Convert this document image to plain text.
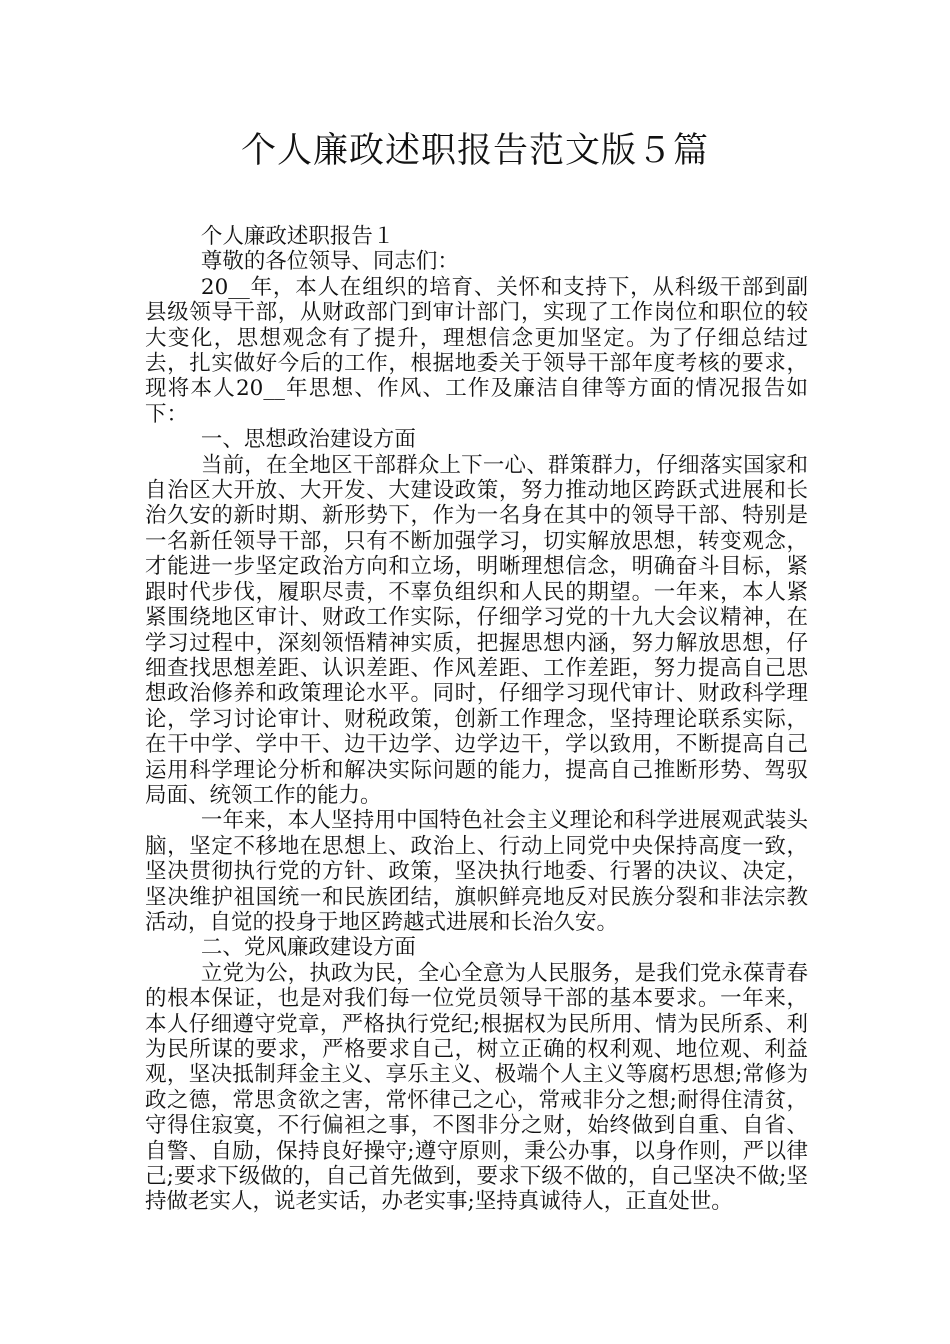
个人廉政述职报告范文版５篇

个人廉政述职报告１

尊敬的各位领导、同志们：

20__年，本人在组织的培育、关怀和支持下，从科级干部到副县级领导干部，从财政部门到审计部门，实现了工作岗位和职位的较大变化，思想观念有了提升，理想信念更加坚定。为了仔细总结过去，扎实做好今后的工作，根据地委关于领导干部年度考核的要求，现将本人20__年思想、作风、工作及廉洁自律等方面的情况报告如下：

一、思想政治建设方面

当前，在全地区干部群众上下一心、群策群力，仔细落实国家和自治区大开放、大开发、大建设政策，努力推动地区跨跃式进展和长治久安的新时期、新形势下，作为一名身在其中的领导干部、特别是一名新任领导干部，只有不断加强学习，切实解放思想，转变观念，才能进一步坚定政治方向和立场，明晰理想信念，明确奋斗目标，紧跟时代步伐，履职尽责，不辜负组织和人民的期望。一年来，本人紧紧围绕地区审计、财政工作实际，仔细学习党的十九大会议精神，在学习过程中，深刻领悟精神实质，把握思想内涵，努力解放思想，仔细查找思想差距、认识差距、作风差距、工作差距，努力提高自己思想政治修养和政策理论水平。同时，仔细学习现代审计、财政科学理论，学习讨论审计、财税政策，创新工作理念，坚持理论联系实际，在干中学、学中干、边干边学、边学边干，学以致用，不断提高自己运用科学理论分析和解决实际问题的能力，提高自己推断形势、驾驭局面、统领工作的能力。

一年来，本人坚持用中国特色社会主义理论和科学进展观武装头脑，坚定不移地在思想上、政治上、行动上同党中央保持高度一致，坚决贯彻执行党的方针、政策，坚决执行地委、行署的决议、决定，坚决维护祖国统一和民族团结，旗帜鲜亮地反对民族分裂和非法宗教活动，自觉的投身于地区跨越式进展和长治久安。

二、党风廉政建设方面

立党为公，执政为民，全心全意为人民服务，是我们党永葆青春的根本保证，也是对我们每一位党员领导干部的基本要求。一年来，本人仔细遵守党章，严格执行党纪;根据权为民所用、情为民所系、利为民所谋的要求，严格要求自己，树立正确的权利观、地位观、利益观，坚决抵制拜金主义、享乐主义、极端个人主义等腐朽思想;常修为政之德，常思贪欲之害，常怀律己之心，常戒非分之想;耐得住清贫，守得住寂寞，不行偏袒之事，不图非分之财，始终做到自重、自省、自警、自励，保持良好操守;遵守原则，秉公办事，以身作则，严以律己;要求下级做的，自己首先做到，要求下级不做的，自己坚决不做;坚持做老实人，说老实话，办老实事;坚持真诚待人，正直处世。
